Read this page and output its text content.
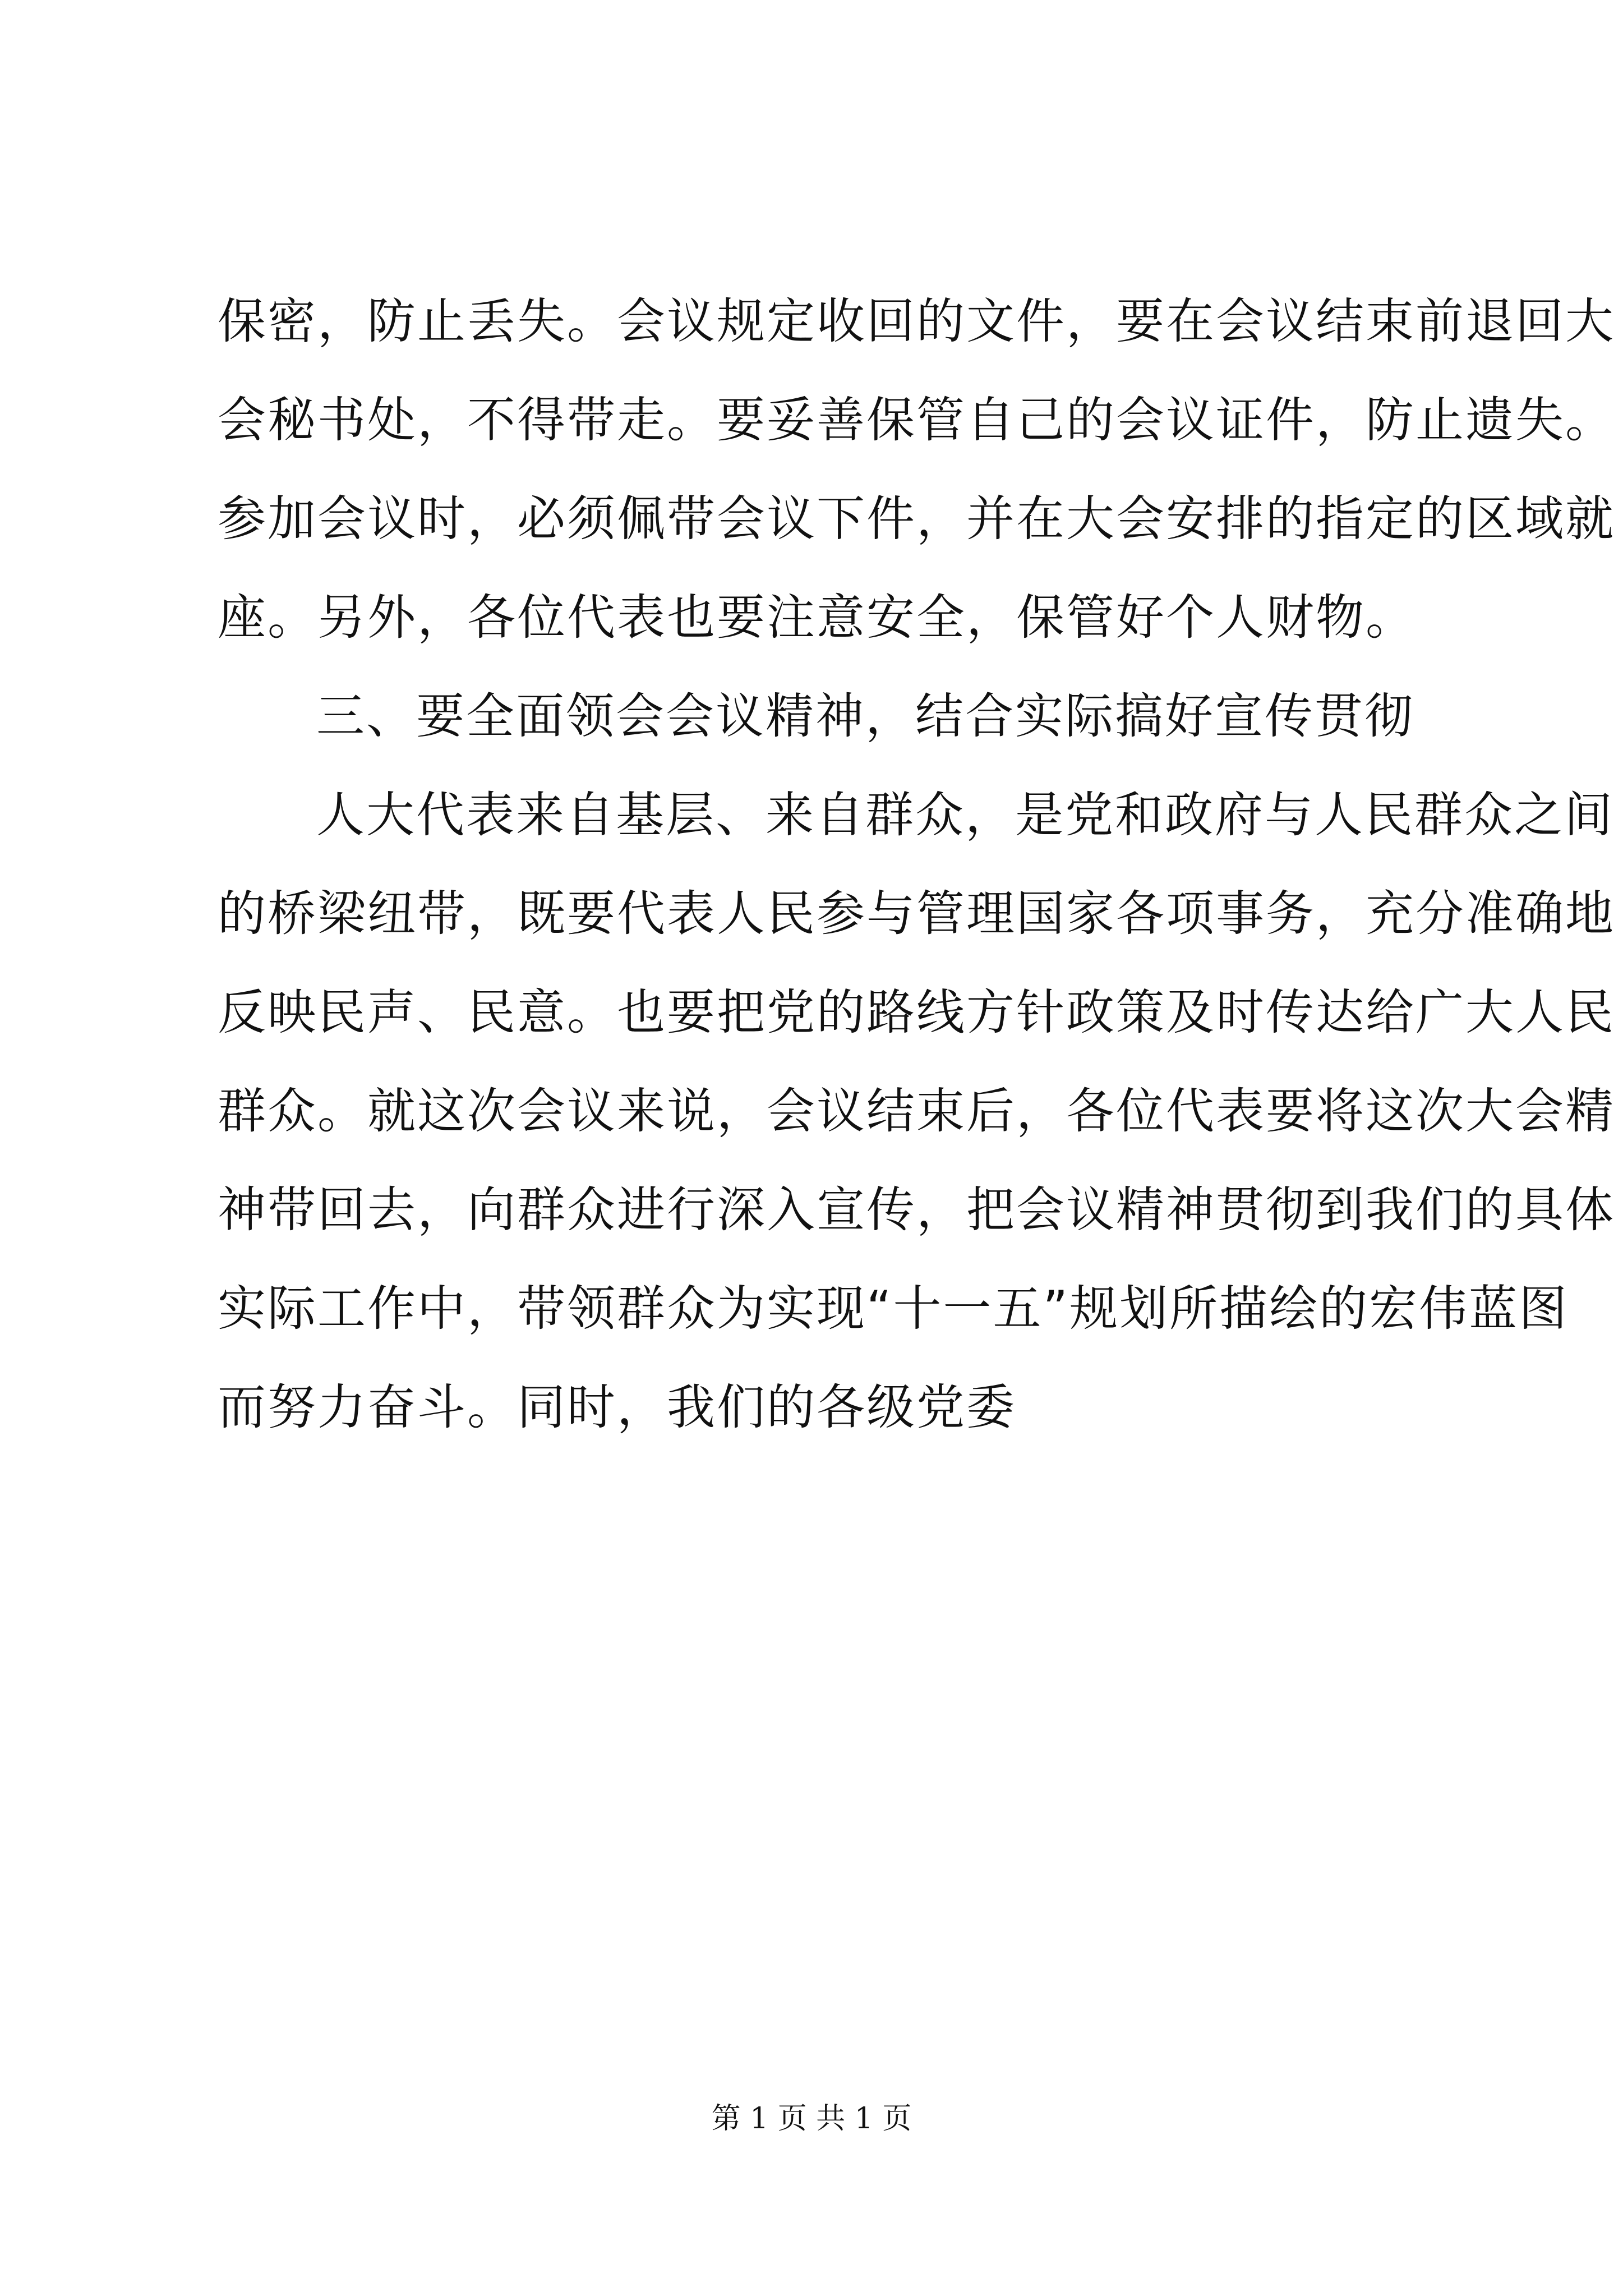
保密，防止丢失。会议规定收回的文件，要在会议结束前退回大
会秘书处，不得带走。要妥善保管自己的会议证件，防止遗失。
参加会议时，必须佩带会议下件，并在大会安排的指定的区域就
座。另外，各位代表也要注意安全，保管好个人财物。
三、要全面领会会议精神，结合实际搞好宣传贯彻
人大代表来自基层、来自群众，是党和政府与人民群众之间
的桥梁纽带，既要代表人民参与管理国家各项事务，充分准确地
反映民声、民意。也要把党的路线方针政策及时传达给广大人民
群众。就这次会议来说，会议结束后，各位代表要将这次大会精
神带回去，向群众进行深入宣传，把会议精神贯彻到我们的具体
实际工作中，带领群众为实现“十一五”规划所描绘的宏伟蓝图
而努力奋斗。同时，我们的各级党委
第 1 页 共 1 页
